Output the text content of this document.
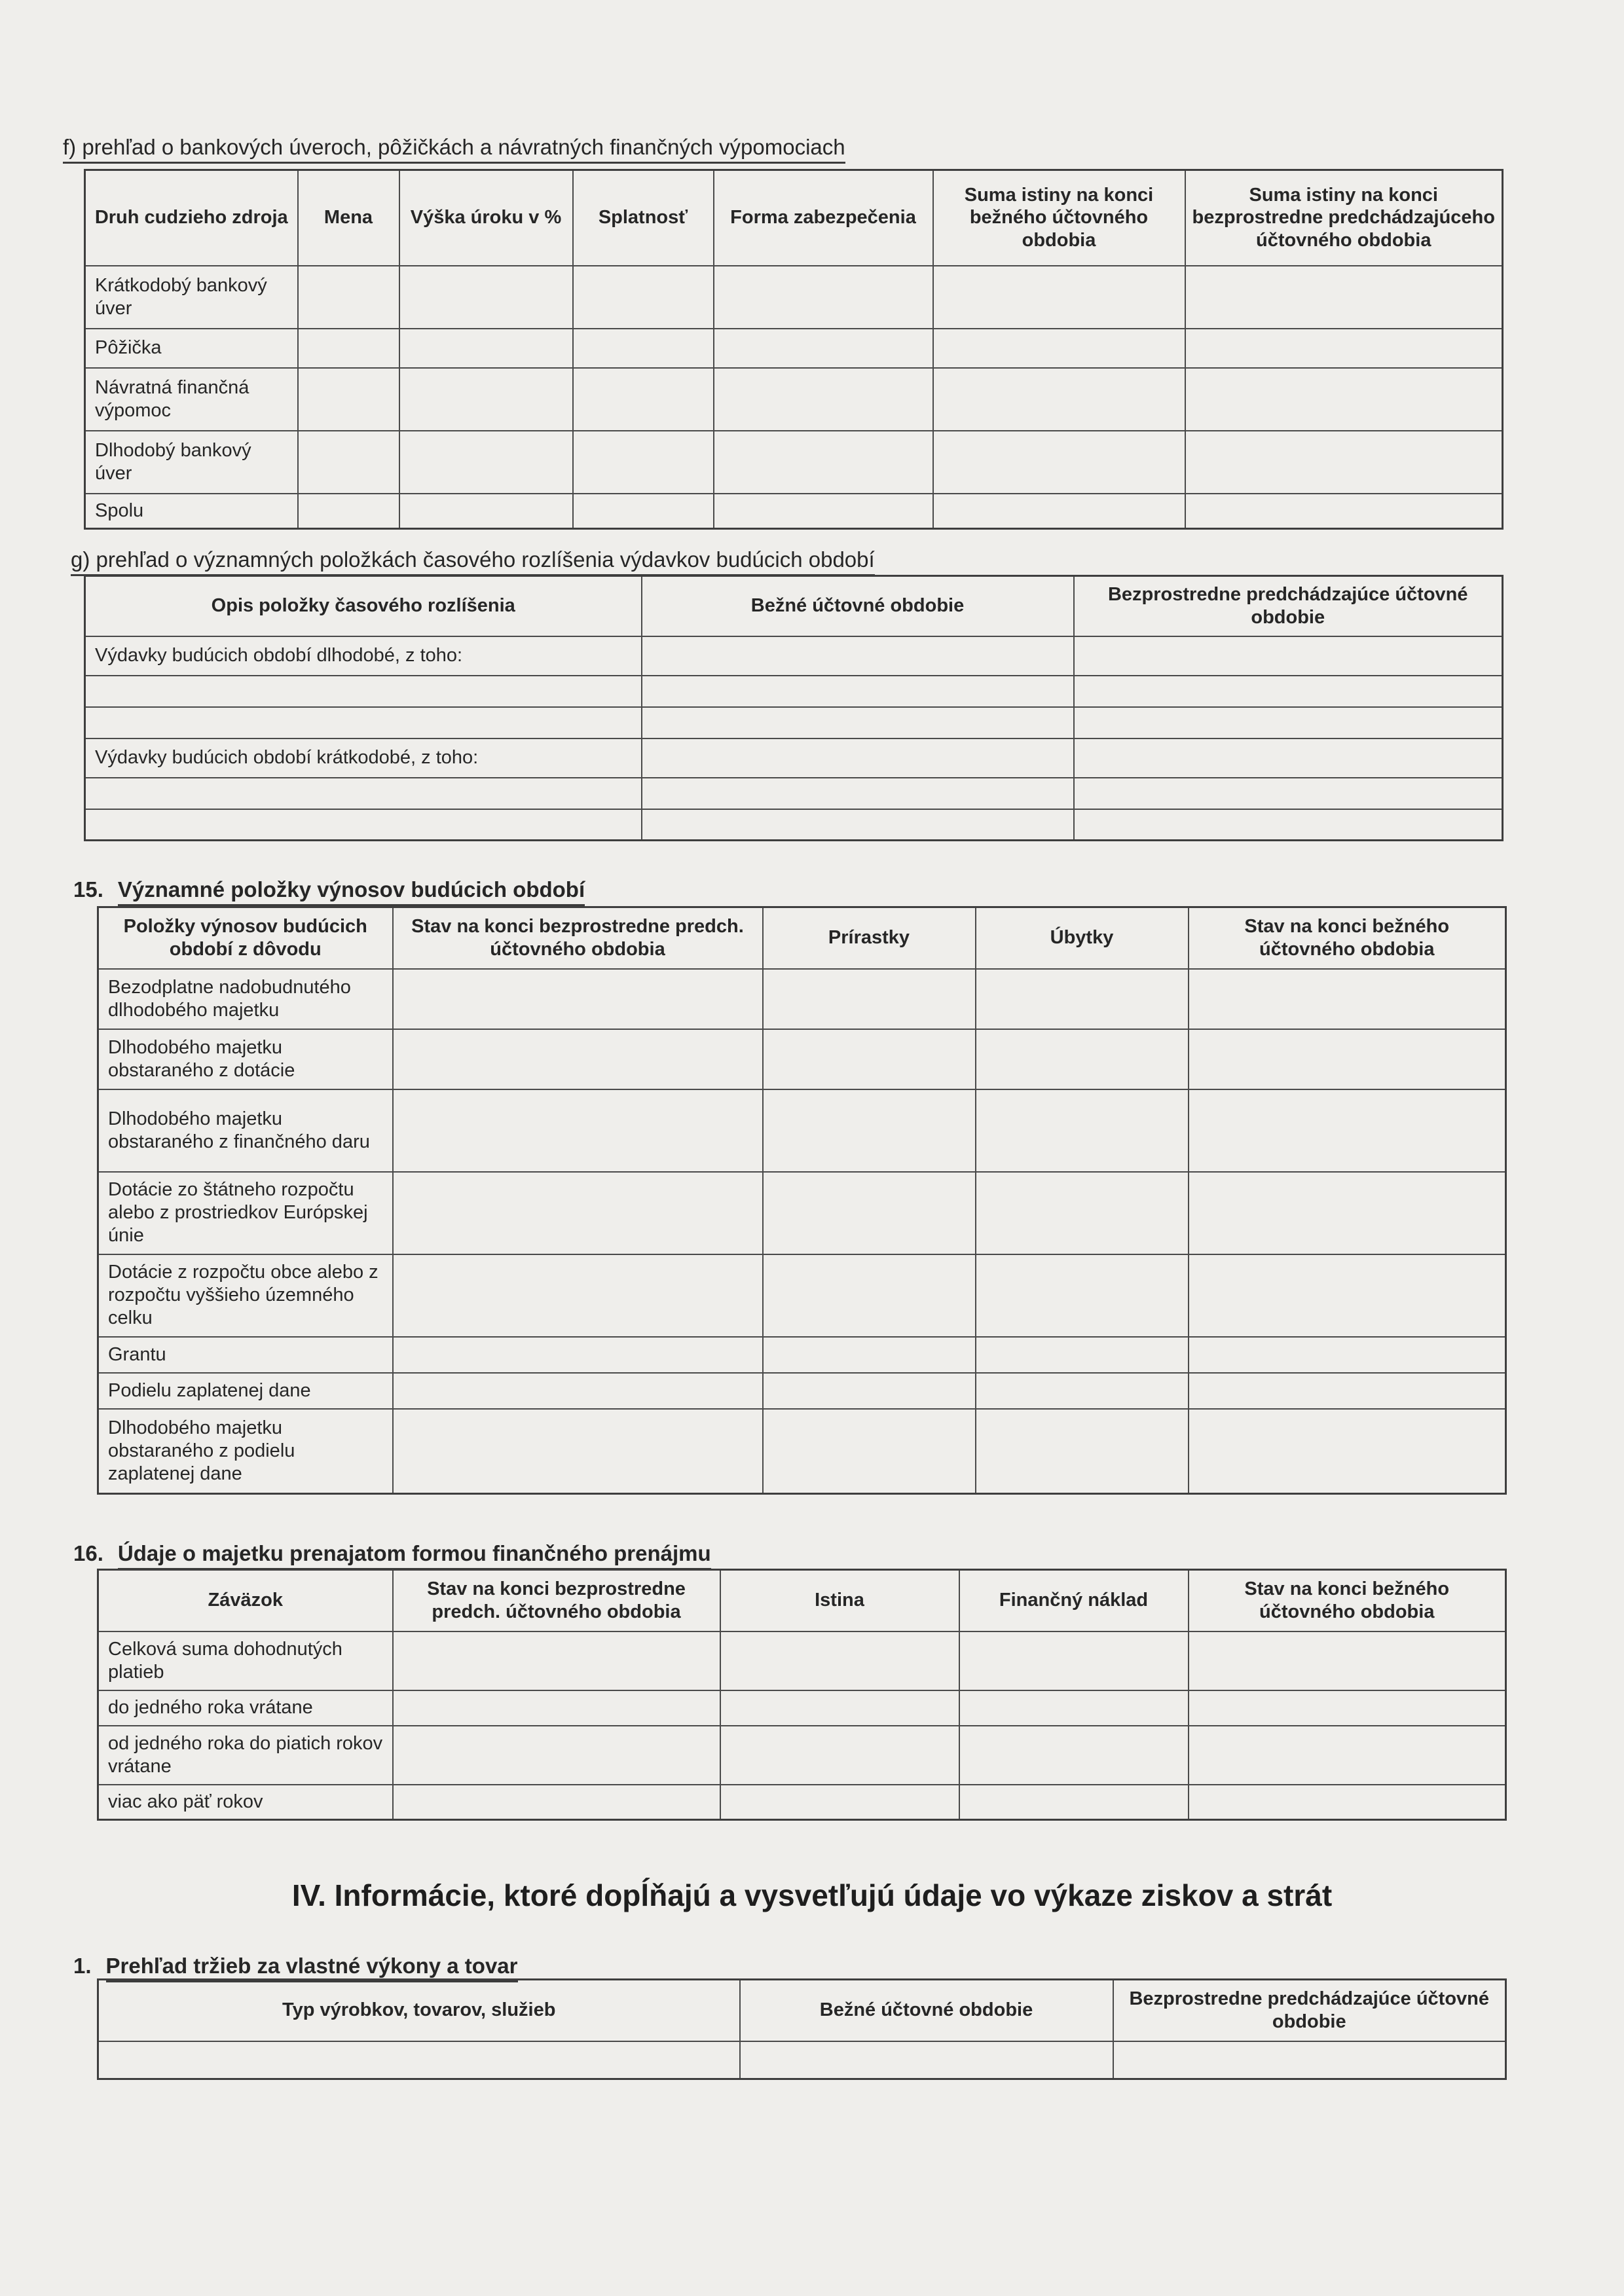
f) prehľad o bankových úveroch, pôžičkách a návratných finančných výpomociach
Druh cudzieho zdroja	Mena	Výška úroku v %	Splatnosť	Forma zabezpečenia	Suma istiny na konci bežného účtovného obdobia	Suma istiny na konci bezprostredne predchádzajúceho účtovného obdobia
Krátkodobý bankový úver						
Pôžička						
Návratná finančná výpomoc						
Dlhodobý bankový úver						
Spolu						
g) prehľad o významných položkách časového rozlíšenia výdavkov budúcich období
Opis položky časového rozlíšenia	Bežné účtovné obdobie	Bezprostredne predchádzajúce účtovné obdobie
Výdavky budúcich období dlhodobé, z toho:		

Výdavky budúcich období krátkodobé, z toho:		

15. Významné položky výnosov budúcich období
Položky výnosov budúcich období z dôvodu	Stav na konci bezprostredne predch. účtovného obdobia	Prírastky	Úbytky	Stav na konci bežného účtovného obdobia
Bezodplatne nadobudnutého dlhodobého majetku				
Dlhodobého majetku obstaraného z dotácie				
Dlhodobého majetku obstaraného z finančného daru				
Dotácie zo štátneho rozpočtu alebo z prostriedkov Európskej únie				
Dotácie z rozpočtu obce alebo z rozpočtu vyššieho územného celku				
Grantu				
Podielu zaplatenej dane				
Dlhodobého majetku obstaraného z podielu zaplatenej dane				
16. Údaje o majetku prenajatom formou finančného prenájmu
Záväzok	Stav na konci bezprostredne predch. účtovného obdobia	Istina	Finančný náklad	Stav na konci bežného účtovného obdobia
Celková suma dohodnutých platieb				
do jedného roka vrátane				
od jedného roka do piatich rokov vrátane				
viac ako päť rokov				
IV. Informácie, ktoré dopĺňajú a vysvetľujú údaje vo výkaze ziskov a strát
1. Prehľad tržieb za vlastné výkony a tovar
Typ výrobkov, tovarov, služieb	Bežné účtovné obdobie	Bezprostredne predchádzajúce účtovné obdobie
